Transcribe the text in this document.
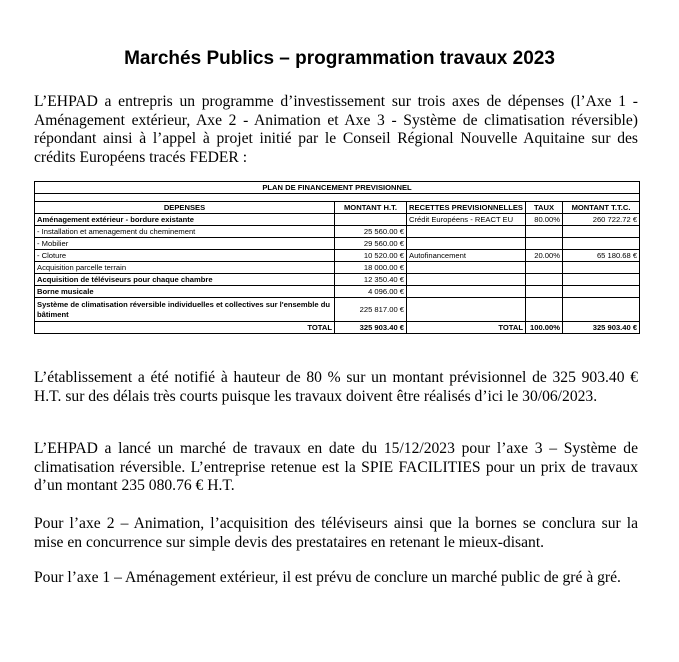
Marchés Publics – programmation travaux 2023

L’EHPAD a entrepris un programme d’investissement sur trois axes de dépenses (l’Axe 1 - Aménagement extérieur, Axe 2 - Animation et Axe 3 - Système de climatisation réversible) répondant ainsi à l’appel à projet initié par le Conseil Régional Nouvelle Aquitaine sur des crédits Européens tracés FEDER :

PLAN DE FINANCEMENT PREVISIONNEL				

DEPENSES	MONTANT H.T.	RECETTES PREVISIONNELLES	TAUX	MONTANT T.T.C.
Aménagement extérieur - bordure existante		Crédit Européens - REACT EU	80.00%	260 722.72 €
- Installation et amenagement du cheminement	25 560.00 €			
- Mobilier	29 560.00 €			
- Cloture	10 520.00 €	Autofinancement	20.00%	65 180.68 €
Acquisition parcelle terrain	18 000.00 €			
Acquisition de téléviseurs pour chaque chambre	12 350.40 €			
Borne musicale	4 096.00 €			
Système de climatisation réversible individuelles et collectives sur l'ensemble du bâtiment	225 817.00 €			
TOTAL	325 903.40 €	TOTAL	100.00%	325 903.40 €

L’établissement a été notifié à hauteur de 80 % sur un montant prévisionnel de 325 903.40 € H.T. sur des délais très courts puisque les travaux doivent être réalisés d’ici le 30/06/2023.

L’EHPAD a lancé un marché de travaux en date du 15/12/2023 pour l’axe 3 – Système de climatisation réversible. L’entreprise retenue est la SPIE FACILITIES pour un prix de travaux d’un montant 235 080.76 € H.T.

Pour l’axe 2 – Animation, l’acquisition des téléviseurs ainsi que la bornes se conclura sur la mise en concurrence sur simple devis des prestataires en retenant le mieux-disant.

Pour l’axe 1 – Aménagement extérieur, il est prévu de conclure un marché public de gré à gré.
